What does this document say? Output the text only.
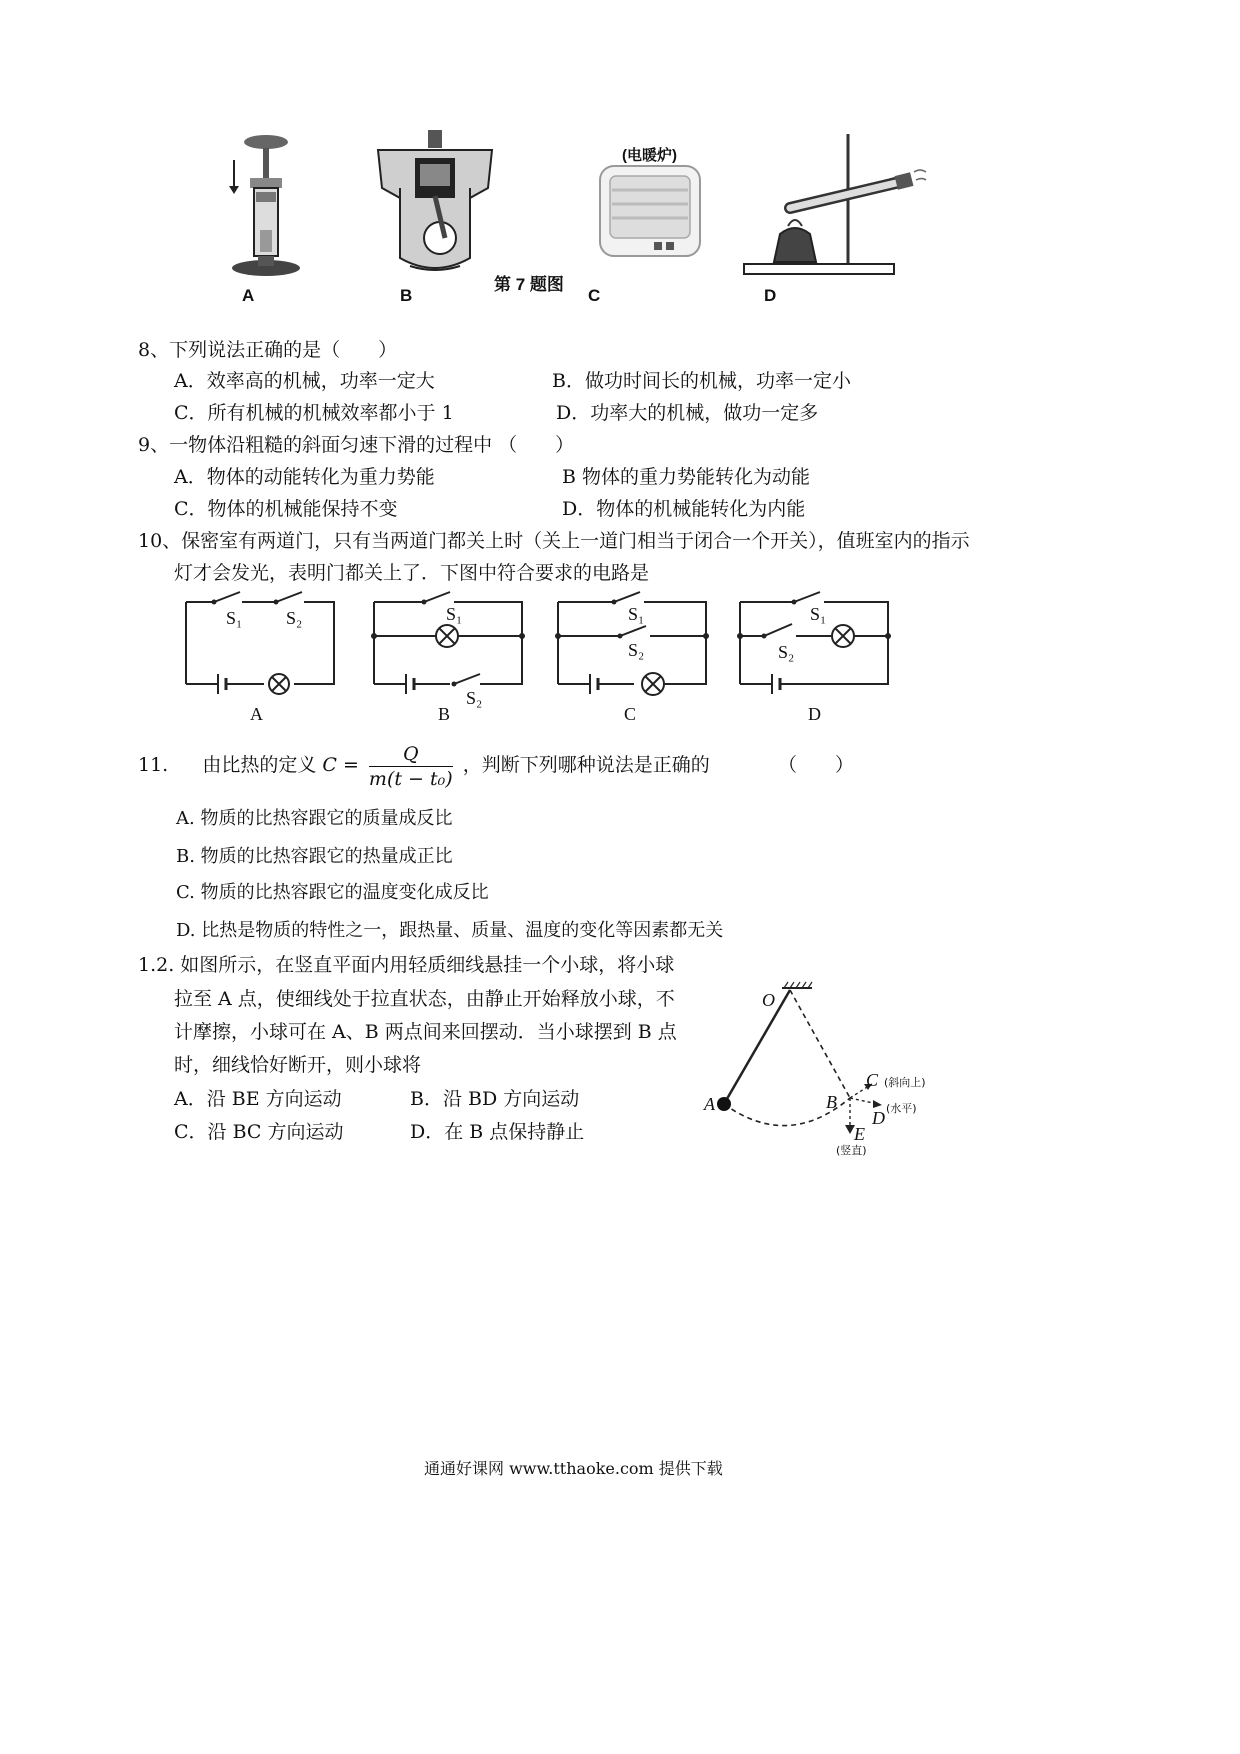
A	B
第 7 题图
(电暖炉)
C	D
8、下列说法正确的是（　　）
A．效率高的机械，功率一定大	B．做功时间长的机械，功率一定小
C．所有机械的机械效率都小于 1	D．功率大的机械，做功一定多
9、一物体沿粗糙的斜面匀速下滑的过程中 （　　）
A．物体的动能转化为重力势能	B 物体的重力势能转化为动能
C．物体的机械能保持不变	D．物体的机械能转化为内能
10、保密室有两道门，只有当两道门都关上时（关上一道门相当于闭合一个开关），值班室内的指示
灯才会发光，表明门都关上了．下图中符合要求的电路是
S₁ S₂
A
S₁
S₂
B
S₁
S₂
C
S₁
S₂
D
11. 由比热的定义 $C = \frac{Q}{\text{m(t − t₀)}}$ ，判断下列哪种说法是正确的	（　　）
A. 物质的比热容跟它的质量成反比
B. 物质的比热容跟它的热量成正比
C. 物质的比热容跟它的温度变化成反比
D. 比热是物质的特性之一，跟热量、质量、温度的变化等因素都无关
1.2. 如图所示，在竖直平面内用轻质细线悬挂一个小球，将小球
拉至 A 点，使细线处于拉直状态，由静止开始释放小球，不
计摩擦，小球可在 A、B 两点间来回摆动．当小球摆到 B 点
时，细线恰好断开，则小球将
A．沿 BE 方向运动	B．沿 BD 方向运动
C．沿 BC 方向运动	D．在 B 点保持静止
O
A	B
C (斜向上)
D (水平)
E
(竖直)
通通好课网 www.tthaoke.com 提供下载
